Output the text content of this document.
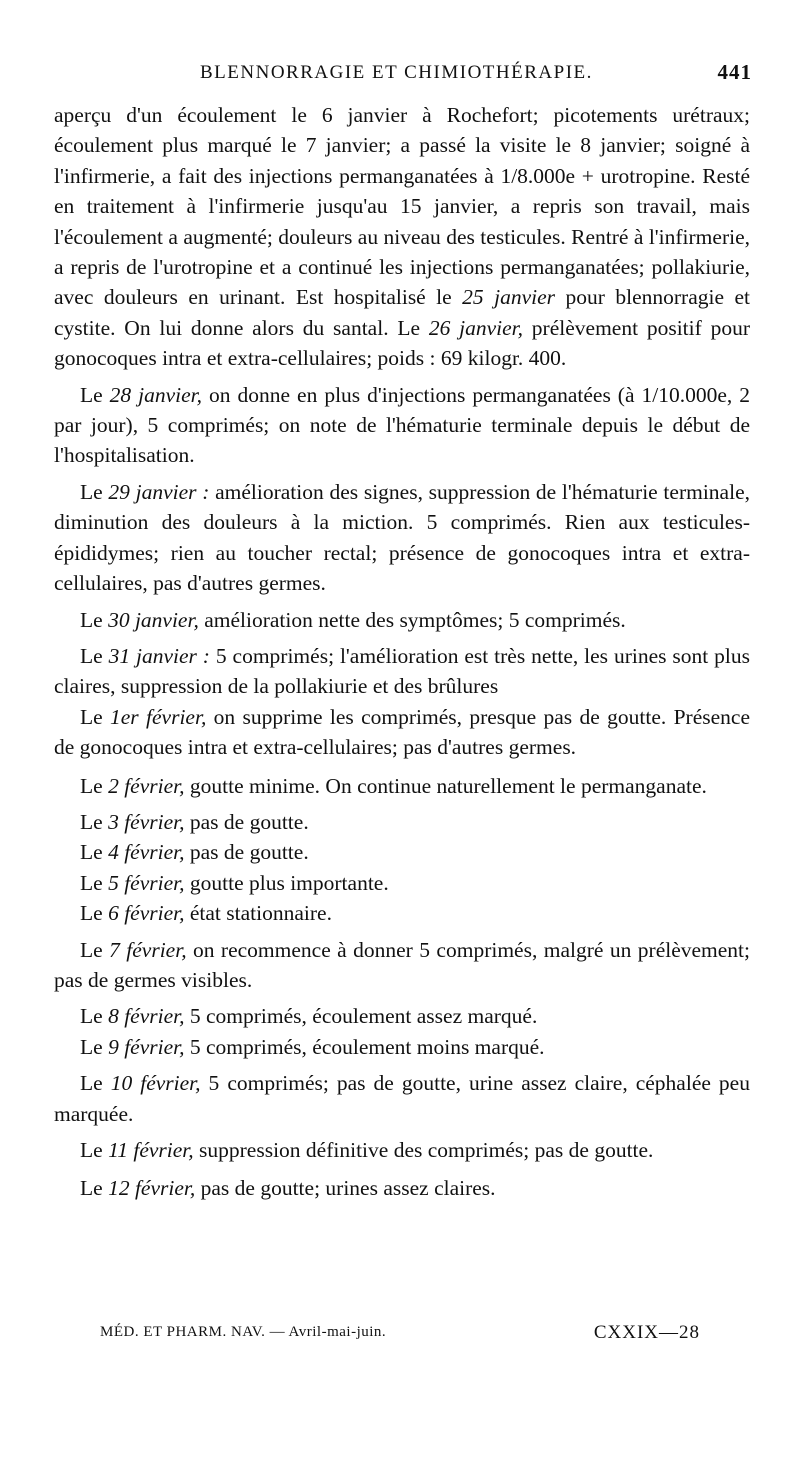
BLENNORRAGIE ET CHIMIOTHÉRAPIE.	441

aperçu d'un écoulement le 6 janvier à Rochefort; picotements urétraux; écoulement plus marqué le 7 janvier; a passé la visite le 8 janvier; soigné à l'infirmerie, a fait des injections permanganatées à 1/8.000e + urotropine. Resté en traitement à l'infirmerie jusqu'au 15 janvier, a repris son travail, mais l'écoulement a augmenté; douleurs au niveau des testicules. Rentré à l'infirmerie, a repris de l'urotropine et a continué les injections permanganatées; pollakiurie, avec douleurs en urinant. Est hospitalisé le 25 janvier pour blennorragie et cystite. On lui donne alors du santal. Le 26 janvier, prélèvement positif pour gonocoques intra et extra-cellulaires; poids : 69 kilogr. 400.

Le 28 janvier, on donne en plus d'injections permanganatées (à 1/10.000e, 2 par jour), 5 comprimés; on note de l'hématurie terminale depuis le début de l'hospitalisation.

Le 29 janvier : amélioration des signes, suppression de l'hématurie terminale, diminution des douleurs à la miction. 5 comprimés. Rien aux testicules-épididymes; rien au toucher rectal; présence de gonocoques intra et extra-cellulaires, pas d'autres germes.

Le 30 janvier, amélioration nette des symptômes; 5 comprimés.

Le 31 janvier : 5 comprimés; l'amélioration est très nette, les urines sont plus claires, suppression de la pollakiurie et des brûlures

Le 1er février, on supprime les comprimés, presque pas de goutte. Présence de gonocoques intra et extra-cellulaires; pas d'autres germes.

Le 2 février, goutte minime. On continue naturellement le permanganate.

Le 3 février, pas de goutte.

Le 4 février, pas de goutte.

Le 5 février, goutte plus importante.

Le 6 février, état stationnaire.

Le 7 février, on recommence à donner 5 comprimés, malgré un prélèvement; pas de germes visibles.

Le 8 février, 5 comprimés, écoulement assez marqué.

Le 9 février, 5 comprimés, écoulement moins marqué.

Le 10 février, 5 comprimés; pas de goutte, urine assez claire, céphalée peu marquée.

Le 11 février, suppression définitive des comprimés; pas de goutte.

Le 12 février, pas de goutte; urines assez claires.

MÉD. ET PHARM. NAV. — Avril-mai-juin.	CXXIX—28
